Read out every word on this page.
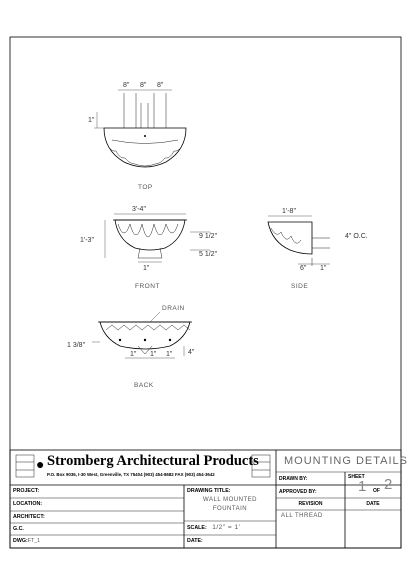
8" 8" 8"
1"
TOP
3'-4"
1'-3"
9 1/2"
5 1/2"
1"
FRONT
1'-8"
4" O.C.
6" 1"
SIDE
DRAIN
1 3/8"
1" 1" 1" 4"
BACK
● Stromberg Architectural Products
P.O. Box 9036, I-30 West, Greenville, TX 75404 (903) 454-8682 FAX (903) 454-3642
MOUNTING DETAILS
PROJECT:
LOCATION:
ARCHITECT:
G.C.
DWG:FT_1
DRAWING TITLE:
WALL MOUNTED
FOUNTAIN
SCALE: 1/2" = 1'
DATE:
DRAWN BY:
APPROVED BY:
REVISION
ALL THREAD
DATE
SHEET
1 OF 2
